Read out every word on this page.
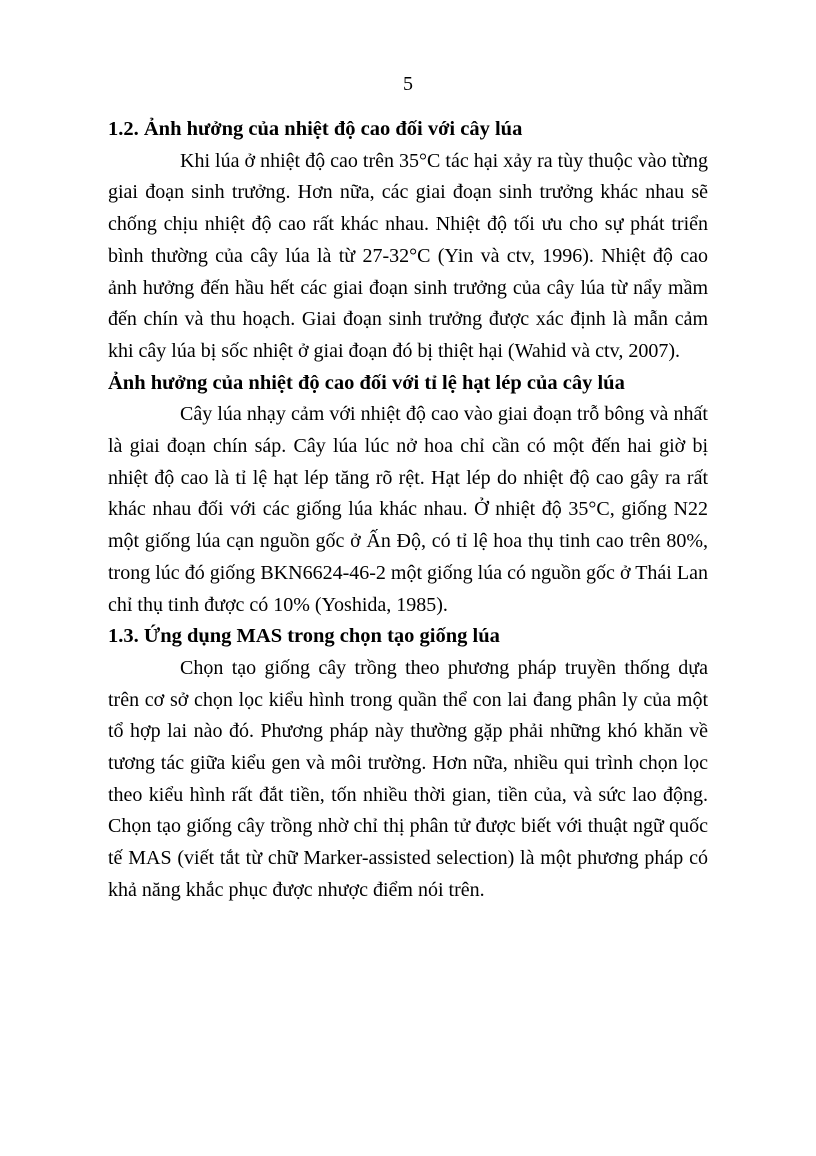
5

1.2. Ảnh hưởng của nhiệt độ cao đối với cây lúa

Khi lúa ở nhiệt độ cao trên 35°C tác hại xảy ra tùy thuộc vào từng giai đoạn sinh trưởng. Hơn nữa, các giai đoạn sinh trưởng khác nhau sẽ chống chịu nhiệt độ cao rất khác nhau. Nhiệt độ tối ưu cho sự phát triển bình thường của cây lúa là từ 27-32°C (Yin và ctv, 1996). Nhiệt độ cao ảnh hưởng đến hầu hết các giai đoạn sinh trưởng của cây lúa từ nẩy mầm đến chín và thu hoạch. Giai đoạn sinh trưởng được xác định là mẫn cảm khi cây lúa bị sốc nhiệt ở giai đoạn đó bị thiệt hại (Wahid và ctv, 2007).

Ảnh hưởng của nhiệt độ cao đối với tỉ lệ hạt lép của cây lúa

Cây lúa nhạy cảm với nhiệt độ cao vào giai đoạn trỗ bông và nhất là giai đoạn chín sáp. Cây lúa lúc nở hoa chỉ cần có một đến hai giờ bị nhiệt độ cao là tỉ lệ hạt lép tăng rõ rệt. Hạt lép do nhiệt độ cao gây ra rất khác nhau đối với các giống lúa khác nhau. Ở nhiệt độ 35°C, giống N22 một giống lúa cạn nguồn gốc ở Ấn Độ, có tỉ lệ hoa thụ tinh cao trên 80%, trong lúc đó giống BKN6624-46-2 một giống lúa có nguồn gốc ở Thái Lan chỉ thụ tinh được có 10% (Yoshida, 1985).

1.3. Ứng dụng MAS trong chọn tạo giống lúa

Chọn tạo giống cây trồng theo phương pháp truyền thống dựa trên cơ sở chọn lọc kiểu hình trong quần thể con lai đang phân ly của một tổ hợp lai nào đó. Phương pháp này thường gặp phải những khó khăn về tương tác giữa kiểu gen và môi trường. Hơn nữa, nhiều qui trình chọn lọc theo kiểu hình rất đắt tiền, tốn nhiều thời gian, tiền của, và sức lao động. Chọn tạo giống cây trồng nhờ chỉ thị phân tử được biết với thuật ngữ quốc tế MAS (viết tắt từ chữ Marker-assisted selection) là một phương pháp có khả năng khắc phục được nhược điểm nói trên.
